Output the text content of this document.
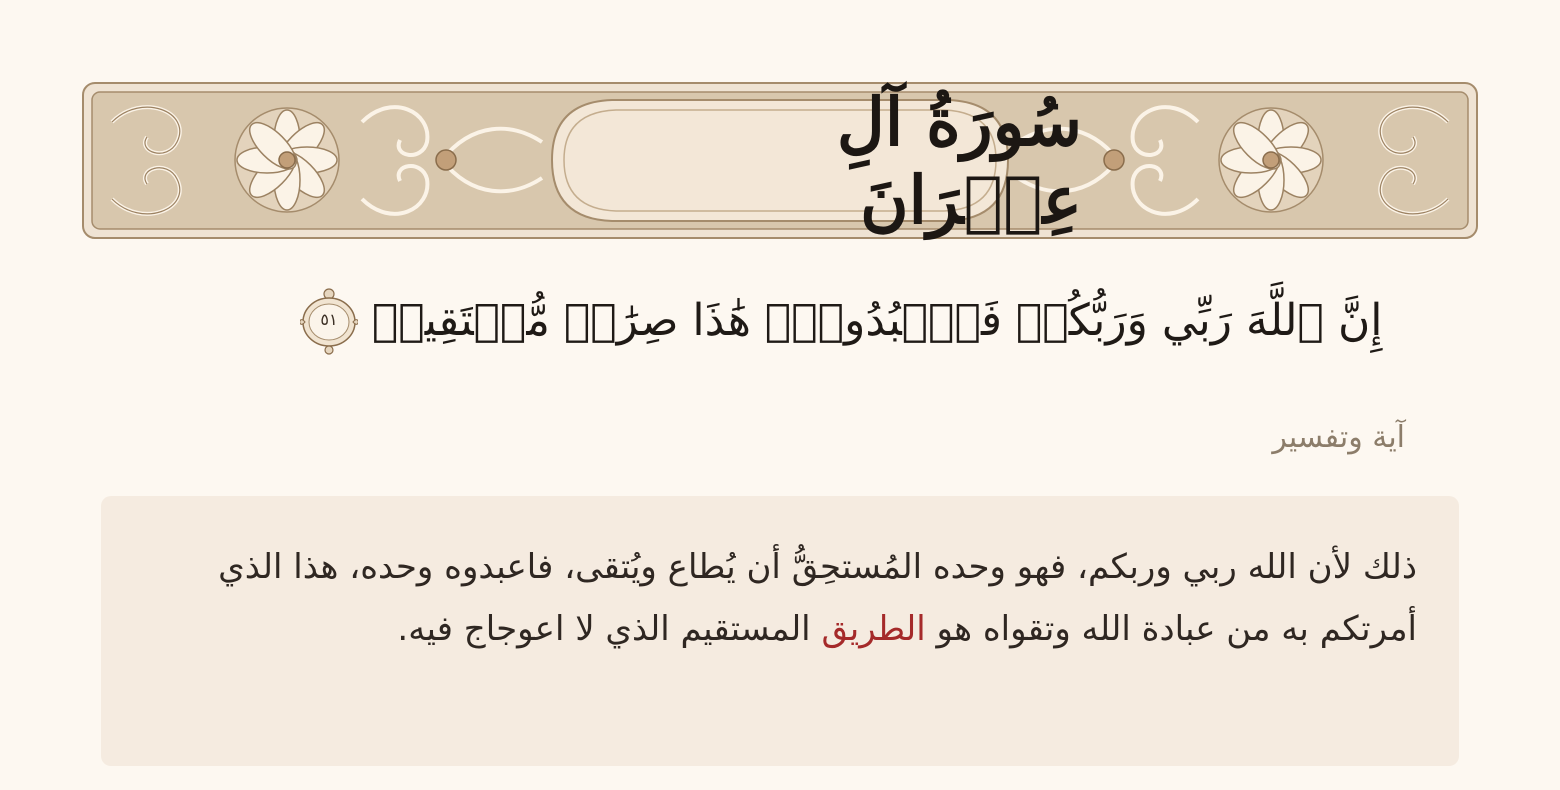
سُورَةُ آلِ عِمۡرَانَ
إِنَّ ٱللَّهَ رَبِّي وَرَبُّكُمۡ فَٱعۡبُدُوهُۚ هَٰذَا صِرَٰطٞ مُّسۡتَقِيمٞ
٥١
آية وتفسير
ذلك لأن الله ربي وربكم، فهو وحده المُستحِقُّ أن يُطاع ويُتقى، فاعبدوه وحده، هذا الذي أمرتكم به من عبادة الله وتقواه هو الطريق المستقيم الذي لا اعوجاج فيه.
